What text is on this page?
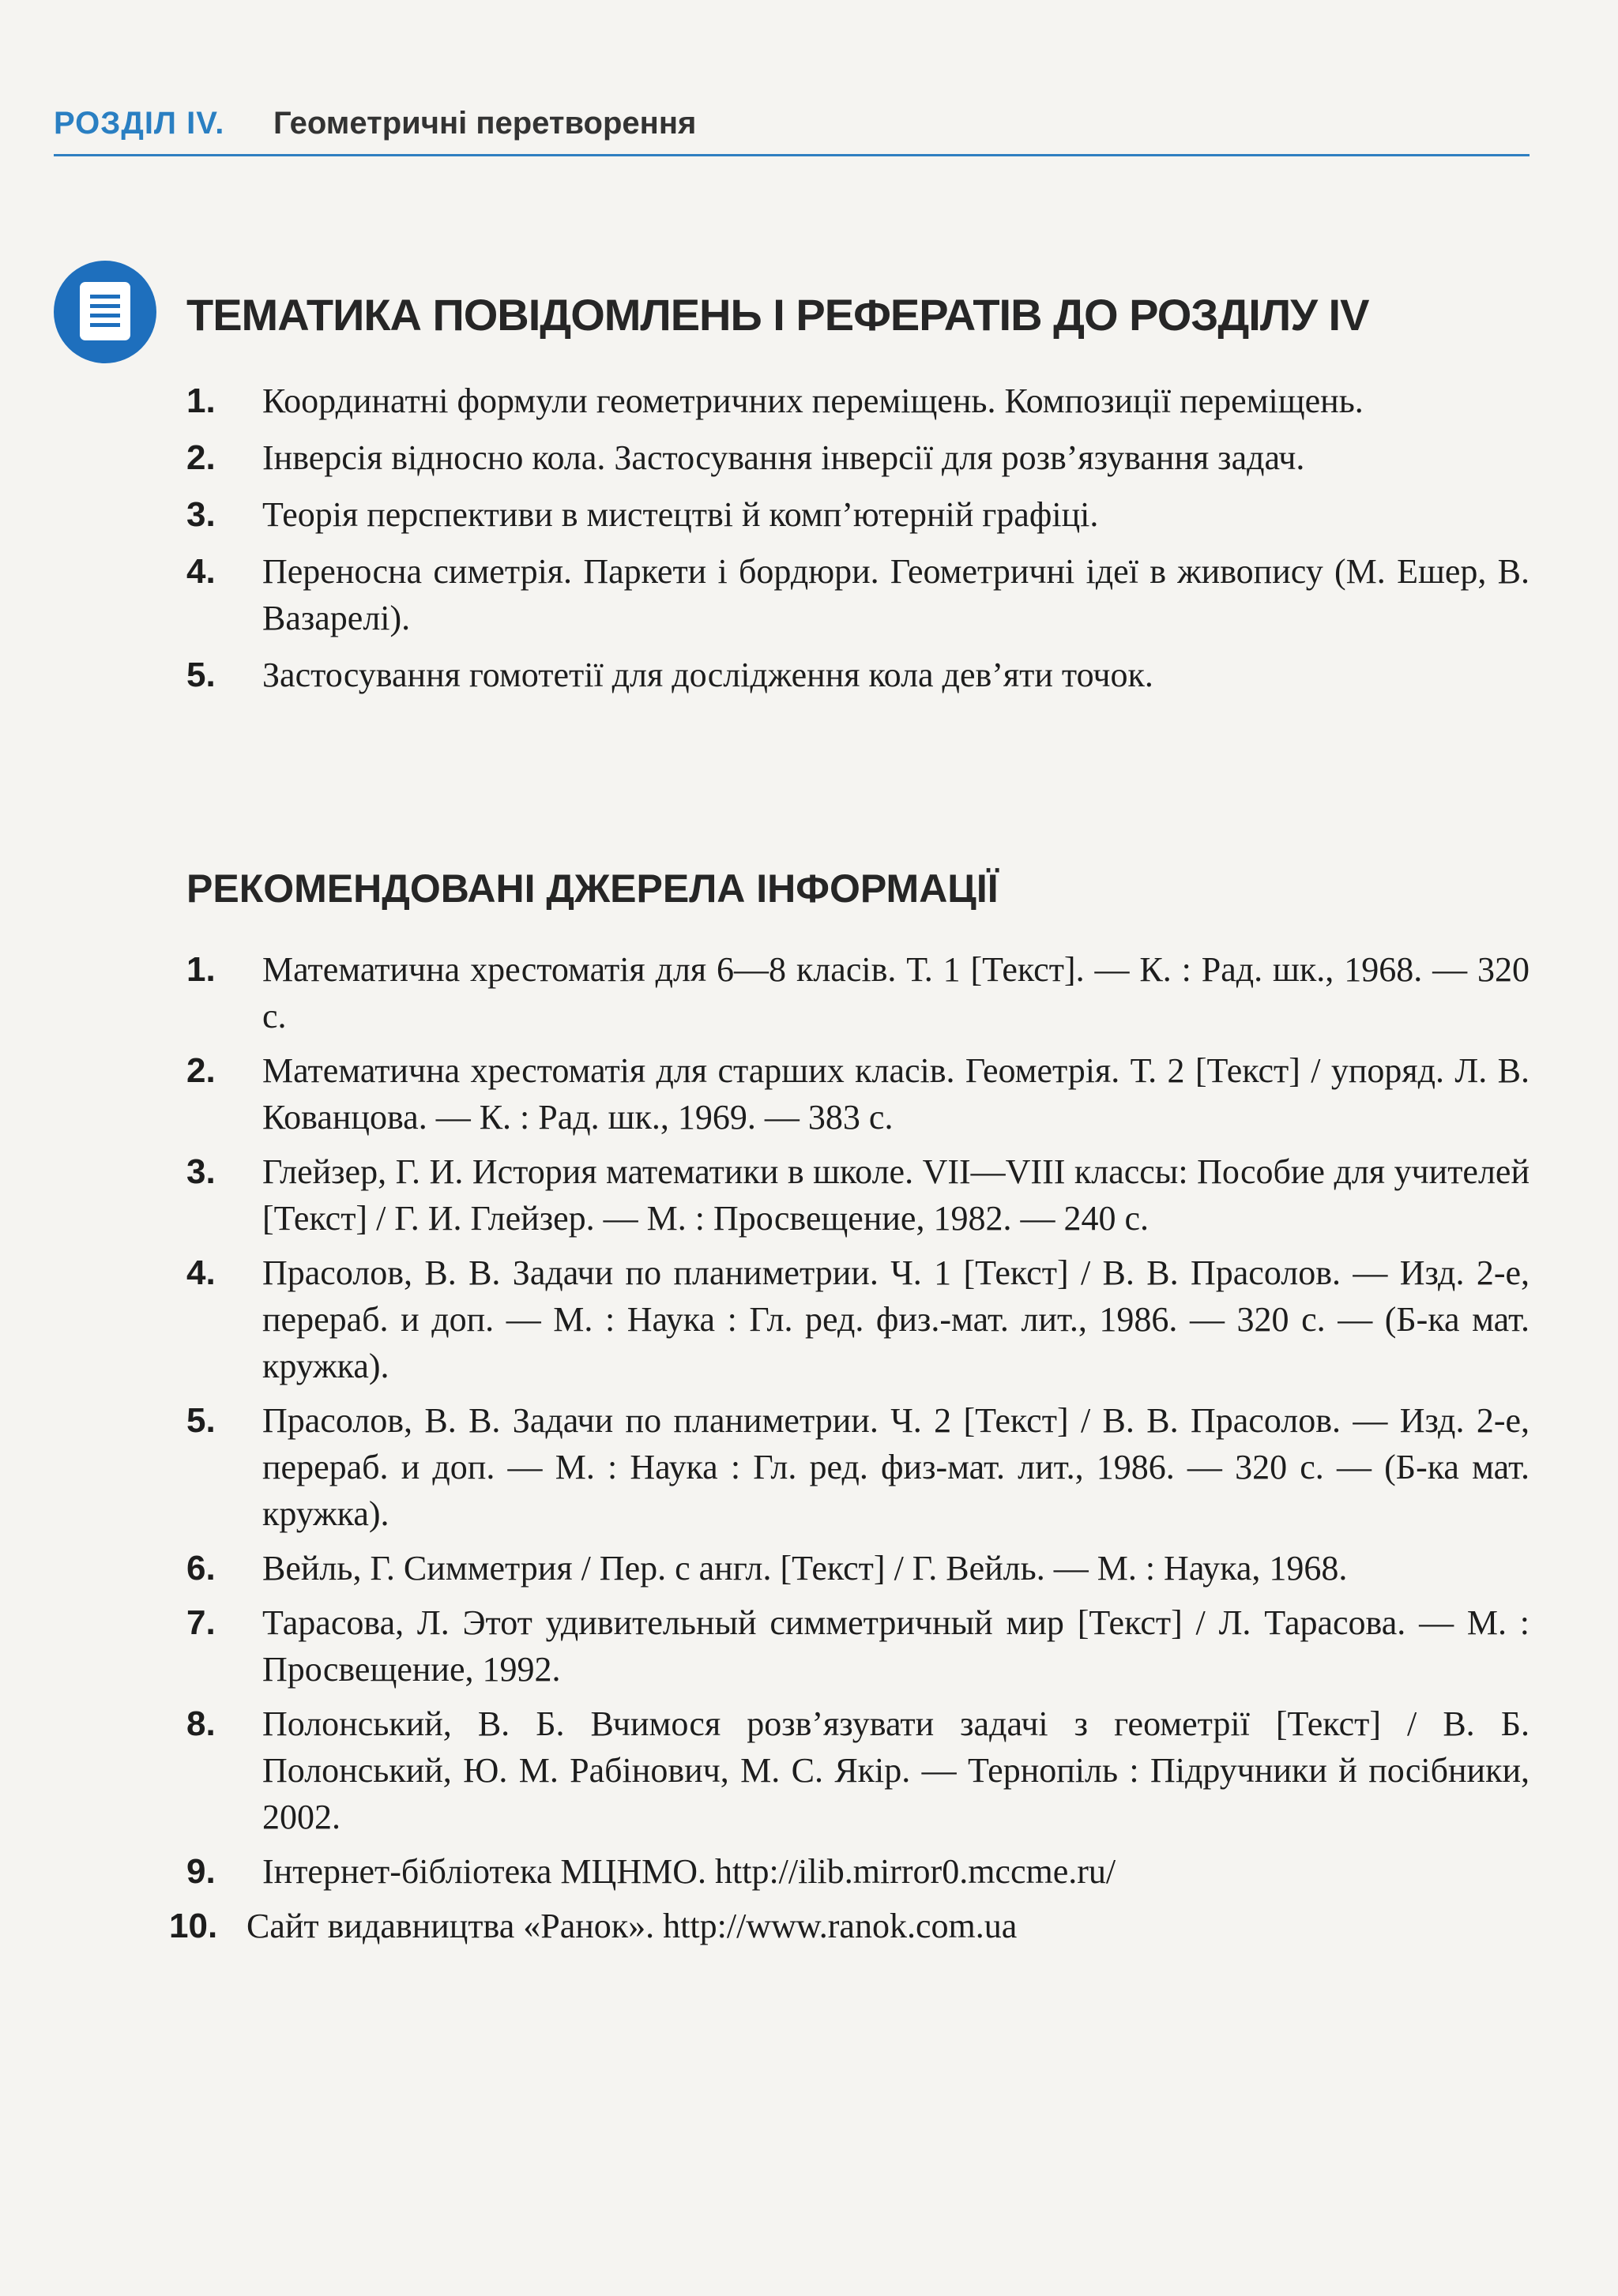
РОЗДІЛ IV. Геометричні перетворення
ТЕМАТИКА ПОВІДОМЛЕНЬ І РЕФЕРАТІВ ДО РОЗДІЛУ IV
1. Координатні формули геометричних переміщень. Композиції переміщень.
2. Інверсія відносно кола. Застосування інверсії для розв’язування задач.
3. Теорія перспективи в мистецтві й комп’ютерній графіці.
4. Переносна симетрія. Паркети і бордюри. Геометричні ідеї в живопису (М. Ешер, В. Вазарелі).
5. Застосування гомотетії для дослідження кола дев’яти точок.
РЕКОМЕНДОВАНІ ДЖЕРЕЛА ІНФОРМАЦІЇ
1. Математична хрестоматія для 6—8 класів. Т. 1 [Текст]. — К. : Рад. шк., 1968. — 320 с.
2. Математична хрестоматія для старших класів. Геометрія. Т. 2 [Текст] / упоряд. Л. В. Кованцова. — К. : Рад. шк., 1969. — 383 с.
3. Глейзер, Г. И. История математики в школе. VII—VIII классы: Пособие для учителей [Текст] / Г. И. Глейзер. — М. : Просвещение, 1982. — 240 с.
4. Прасолов, В. В. Задачи по планиметрии. Ч. 1 [Текст] / В. В. Прасолов. — Изд. 2-е, перераб. и доп. — М. : Наука : Гл. ред. физ.-мат. лит., 1986. — 320 с. — (Б-ка мат. кружка).
5. Прасолов, В. В. Задачи по планиметрии. Ч. 2 [Текст] / В. В. Прасолов. — Изд. 2-е, перераб. и доп. — М. : Наука : Гл. ред. физ-мат. лит., 1986. — 320 с. — (Б-ка мат. кружка).
6. Вейль, Г. Симметрия / Пер. с англ. [Текст] / Г. Вейль. — М. : Наука, 1968.
7. Тарасова, Л. Этот удивительный симметричный мир [Текст] / Л. Тарасова. — М. : Просвещение, 1992.
8. Полонський, В. Б. Вчимося розв’язувати задачі з геометрії [Текст] / В. Б. Полонський, Ю. М. Рабінович, М. С. Якір. — Тернопіль : Підручники й посібники, 2002.
9. Інтернет-бібліотека МЦНМО. http://ilib.mirror0.mccme.ru/
10. Сайт видавництва «Ранок». http://www.ranok.com.ua
